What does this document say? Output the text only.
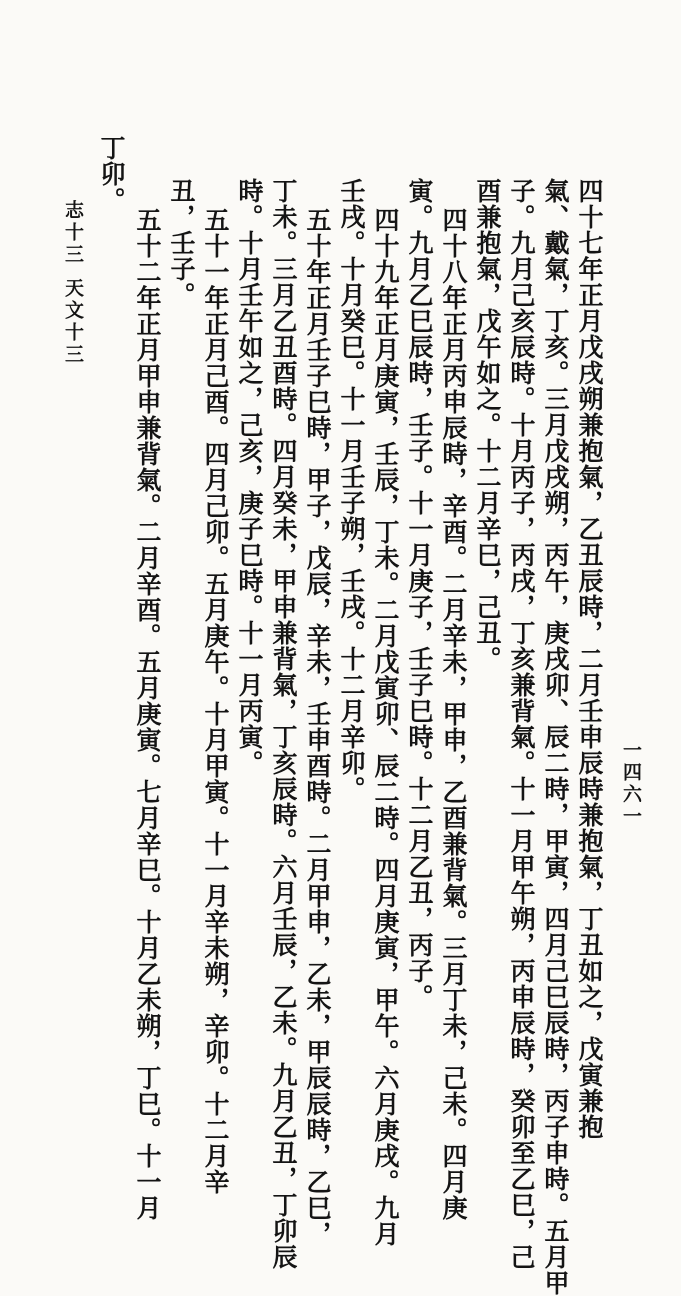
四十七年正月戊戌朔兼抱氣，乙丑辰時，二月壬申辰時兼抱氣，丁丑如之，戊寅兼抱
氣、戴氣，丁亥。三月戊戌朔，丙午，庚戌卯、辰二時，甲寅，四月己巳辰時，丙子申時。五月甲
子。九月己亥辰時。十月丙子，丙戌，丁亥兼背氣。十一月甲午朔，丙申辰時，癸卯至乙巳，己
酉兼抱氣，戊午如之。十二月辛巳，己丑。
四十八年正月丙申辰時，辛酉。二月辛未，甲申，乙酉兼背氣。三月丁未，己未。四月庚
寅。九月乙巳辰時，壬子。十一月庚子，壬子巳時。十二月乙丑，丙子。
四十九年正月庚寅，壬辰，丁未。二月戊寅卯、辰二時。四月庚寅，甲午。六月庚戌。九月
壬戌。十月癸巳。十一月壬子朔，壬戌。十二月辛卯。
五十年正月壬子巳時，甲子，戊辰，辛未，壬申酉時。二月甲申，乙未，甲辰辰時，乙巳，
丁未。三月乙丑酉時。四月癸未，甲申兼背氣，丁亥辰時。六月壬辰，乙未。九月乙丑，丁卯辰
時。十月壬午如之，己亥，庚子巳時。十一月丙寅。
五十一年正月己酉。四月己卯。五月庚午。十月甲寅。十一月辛未朔，辛卯。十二月辛
丑，壬子。
五十二年正月甲申兼背氣。二月辛酉。五月庚寅。七月辛巳。十月乙未朔，丁巳。十一月
丁卯。
志十三
天文十三
一四六一
